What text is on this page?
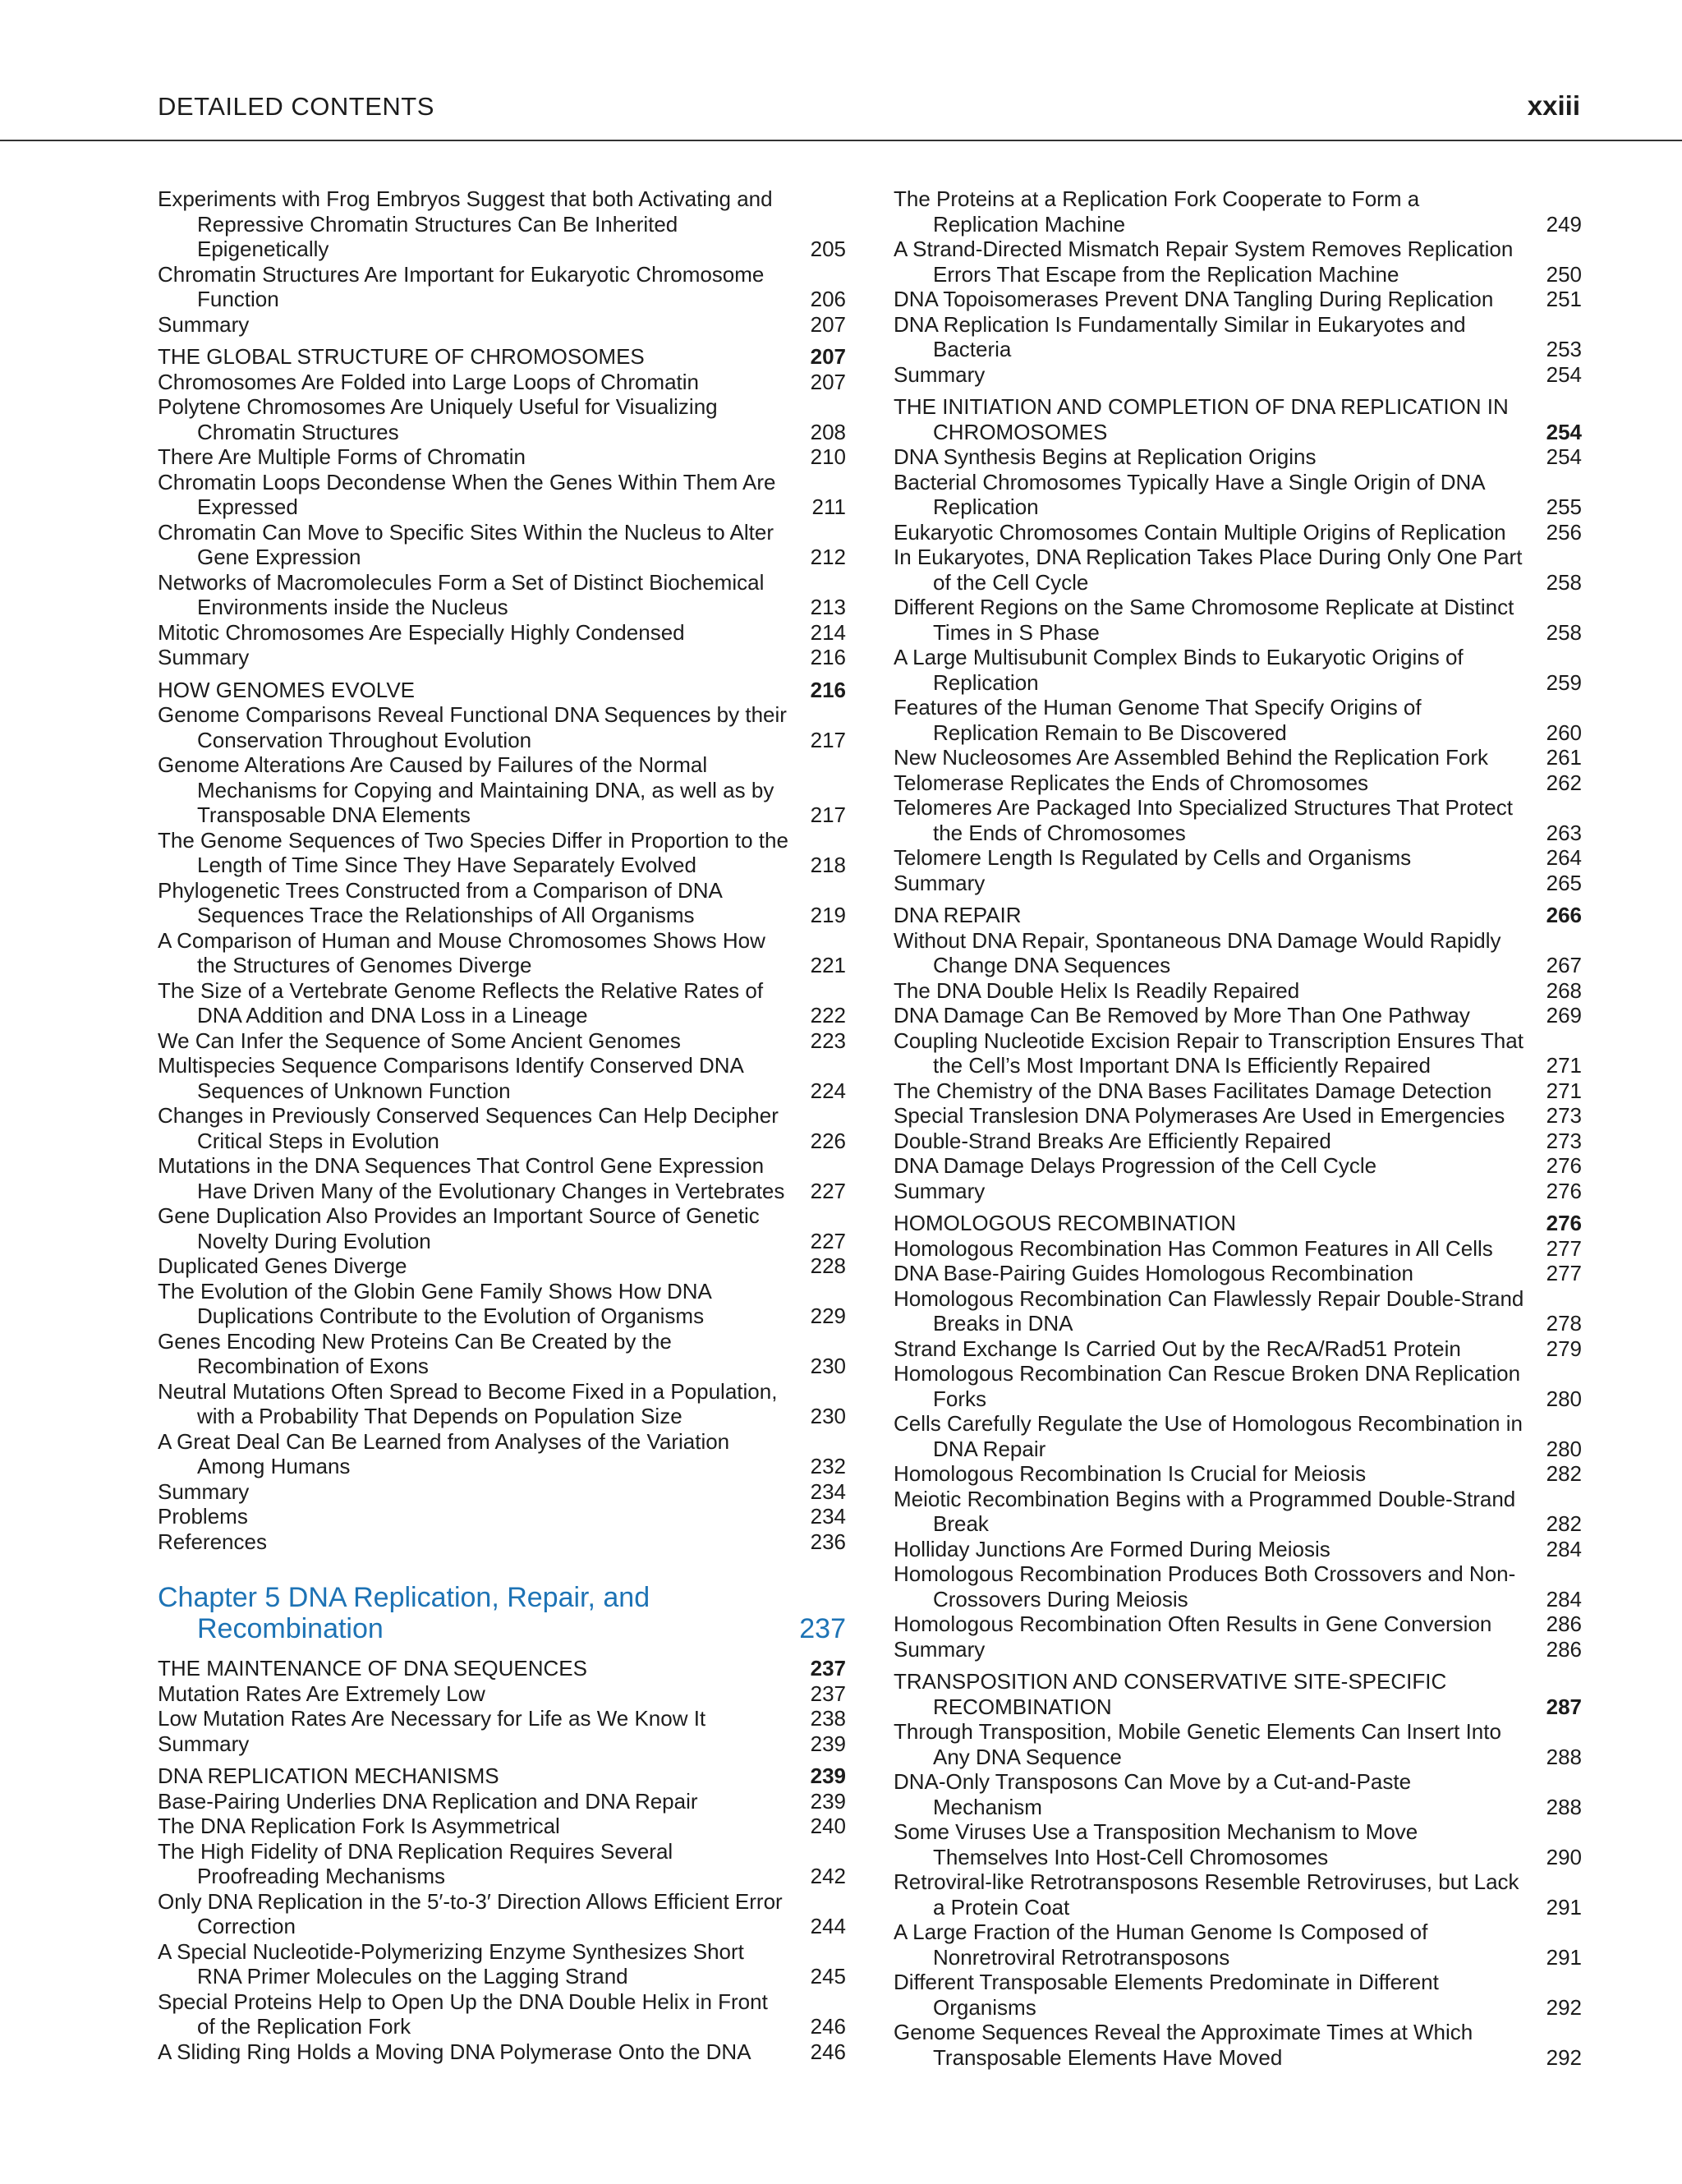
DETAILED CONTENTS	xxiii
Experiments with Frog Embryos Suggest that both Activating and Repressive Chromatin Structures Can Be Inherited Epigenetically	205
Chromatin Structures Are Important for Eukaryotic Chromosome Function	206
Summary	207
THE GLOBAL STRUCTURE OF CHROMOSOMES	207
Chromosomes Are Folded into Large Loops of Chromatin	207
Polytene Chromosomes Are Uniquely Useful for Visualizing Chromatin Structures	208
There Are Multiple Forms of Chromatin	210
Chromatin Loops Decondense When the Genes Within Them Are Expressed	211
Chromatin Can Move to Specific Sites Within the Nucleus to Alter Gene Expression	212
Networks of Macromolecules Form a Set of Distinct Biochemical Environments inside the Nucleus	213
Mitotic Chromosomes Are Especially Highly Condensed	214
Summary	216
HOW GENOMES EVOLVE	216
Genome Comparisons Reveal Functional DNA Sequences by their Conservation Throughout Evolution	217
Genome Alterations Are Caused by Failures of the Normal Mechanisms for Copying and Maintaining DNA, as well as by Transposable DNA Elements	217
The Genome Sequences of Two Species Differ in Proportion to the Length of Time Since They Have Separately Evolved	218
Phylogenetic Trees Constructed from a Comparison of DNA Sequences Trace the Relationships of All Organisms	219
A Comparison of Human and Mouse Chromosomes Shows How the Structures of Genomes Diverge	221
The Size of a Vertebrate Genome Reflects the Relative Rates of DNA Addition and DNA Loss in a Lineage	222
We Can Infer the Sequence of Some Ancient Genomes	223
Multispecies Sequence Comparisons Identify Conserved DNA Sequences of Unknown Function	224
Changes in Previously Conserved Sequences Can Help Decipher Critical Steps in Evolution	226
Mutations in the DNA Sequences That Control Gene Expression Have Driven Many of the Evolutionary Changes in Vertebrates	227
Gene Duplication Also Provides an Important Source of Genetic Novelty During Evolution	227
Duplicated Genes Diverge	228
The Evolution of the Globin Gene Family Shows How DNA Duplications Contribute to the Evolution of Organisms	229
Genes Encoding New Proteins Can Be Created by the Recombination of Exons	230
Neutral Mutations Often Spread to Become Fixed in a Population, with a Probability That Depends on Population Size	230
A Great Deal Can Be Learned from Analyses of the Variation Among Humans	232
Summary	234
Problems	234
References	236
Chapter 5 DNA Replication, Repair, and Recombination	237
THE MAINTENANCE OF DNA SEQUENCES	237
Mutation Rates Are Extremely Low	237
Low Mutation Rates Are Necessary for Life as We Know It	238
Summary	239
DNA REPLICATION MECHANISMS	239
Base-Pairing Underlies DNA Replication and DNA Repair	239
The DNA Replication Fork Is Asymmetrical	240
The High Fidelity of DNA Replication Requires Several Proofreading Mechanisms	242
Only DNA Replication in the 5′-to-3′ Direction Allows Efficient Error Correction	244
A Special Nucleotide-Polymerizing Enzyme Synthesizes Short RNA Primer Molecules on the Lagging Strand	245
Special Proteins Help to Open Up the DNA Double Helix in Front of the Replication Fork	246
A Sliding Ring Holds a Moving DNA Polymerase Onto the DNA	246
The Proteins at a Replication Fork Cooperate to Form a Replication Machine	249
A Strand-Directed Mismatch Repair System Removes Replication Errors That Escape from the Replication Machine	250
DNA Topoisomerases Prevent DNA Tangling During Replication	251
DNA Replication Is Fundamentally Similar in Eukaryotes and Bacteria	253
Summary	254
THE INITIATION AND COMPLETION OF DNA REPLICATION IN CHROMOSOMES	254
DNA Synthesis Begins at Replication Origins	254
Bacterial Chromosomes Typically Have a Single Origin of DNA Replication	255
Eukaryotic Chromosomes Contain Multiple Origins of Replication	256
In Eukaryotes, DNA Replication Takes Place During Only One Part of the Cell Cycle	258
Different Regions on the Same Chromosome Replicate at Distinct Times in S Phase	258
A Large Multisubunit Complex Binds to Eukaryotic Origins of Replication	259
Features of the Human Genome That Specify Origins of Replication Remain to Be Discovered	260
New Nucleosomes Are Assembled Behind the Replication Fork	261
Telomerase Replicates the Ends of Chromosomes	262
Telomeres Are Packaged Into Specialized Structures That Protect the Ends of Chromosomes	263
Telomere Length Is Regulated by Cells and Organisms	264
Summary	265
DNA REPAIR	266
Without DNA Repair, Spontaneous DNA Damage Would Rapidly Change DNA Sequences	267
The DNA Double Helix Is Readily Repaired	268
DNA Damage Can Be Removed by More Than One Pathway	269
Coupling Nucleotide Excision Repair to Transcription Ensures That the Cell’s Most Important DNA Is Efficiently Repaired	271
The Chemistry of the DNA Bases Facilitates Damage Detection	271
Special Translesion DNA Polymerases Are Used in Emergencies	273
Double-Strand Breaks Are Efficiently Repaired	273
DNA Damage Delays Progression of the Cell Cycle	276
Summary	276
HOMOLOGOUS RECOMBINATION	276
Homologous Recombination Has Common Features in All Cells	277
DNA Base-Pairing Guides Homologous Recombination	277
Homologous Recombination Can Flawlessly Repair Double-Strand Breaks in DNA	278
Strand Exchange Is Carried Out by the RecA/Rad51 Protein	279
Homologous Recombination Can Rescue Broken DNA Replication Forks	280
Cells Carefully Regulate the Use of Homologous Recombination in DNA Repair	280
Homologous Recombination Is Crucial for Meiosis	282
Meiotic Recombination Begins with a Programmed Double-Strand Break	282
Holliday Junctions Are Formed During Meiosis	284
Homologous Recombination Produces Both Crossovers and Non-Crossovers During Meiosis	284
Homologous Recombination Often Results in Gene Conversion	286
Summary	286
TRANSPOSITION AND CONSERVATIVE SITE-SPECIFIC RECOMBINATION	287
Through Transposition, Mobile Genetic Elements Can Insert Into Any DNA Sequence	288
DNA-Only Transposons Can Move by a Cut-and-Paste Mechanism	288
Some Viruses Use a Transposition Mechanism to Move Themselves Into Host-Cell Chromosomes	290
Retroviral-like Retrotransposons Resemble Retroviruses, but Lack a Protein Coat	291
A Large Fraction of the Human Genome Is Composed of Nonretroviral Retrotransposons	291
Different Transposable Elements Predominate in Different Organisms	292
Genome Sequences Reveal the Approximate Times at Which Transposable Elements Have Moved	292
